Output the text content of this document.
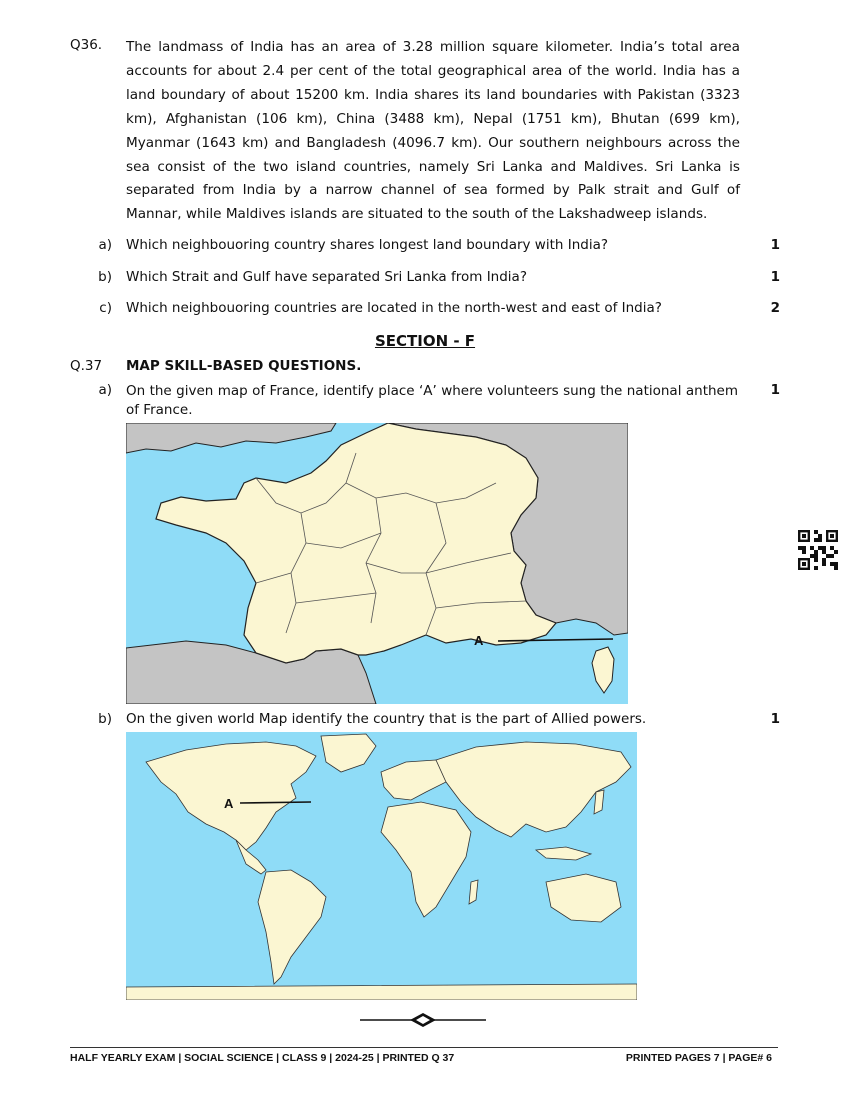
Q36. The landmass of India has an area of 3.28 million square kilometer. India’s total area accounts for about 2.4 per cent of the total geographical area of the world. India has a land boundary of about 15200 km. India shares its land boundaries with Pakistan (3323 km), Afghanistan (106 km), China (3488 km), Nepal (1751 km), Bhutan (699 km), Myanmar (1643 km) and Bangladesh (4096.7 km). Our southern neighbours across the sea consist of the two island countries, namely Sri Lanka and Maldives. Sri Lanka is separated from India by a narrow channel of sea formed by Palk strait and Gulf of Mannar, while Maldives islands are situated to the south of the Lakshadweep islands.
a) Which neighbouoring country shares longest land boundary with India?	1
b) Which Strait and Gulf have separated Sri Lanka from India?	1
c) Which neighbouoring countries are located in the north-west and east of India?	2
SECTION - F
Q.37 MAP SKILL-BASED QUESTIONS.
a) On the given map of France, identify place ‘A’ where volunteers sung the national anthem of France.
1
A
b) On the given world Map identify the country that is the part of Allied powers.	1
A
HALF YEARLY EXAM | SOCIAL SCIENCE | CLASS 9 | 2024-25 | PRINTED Q 37	PRINTED PAGES 7 | PAGE# 6
